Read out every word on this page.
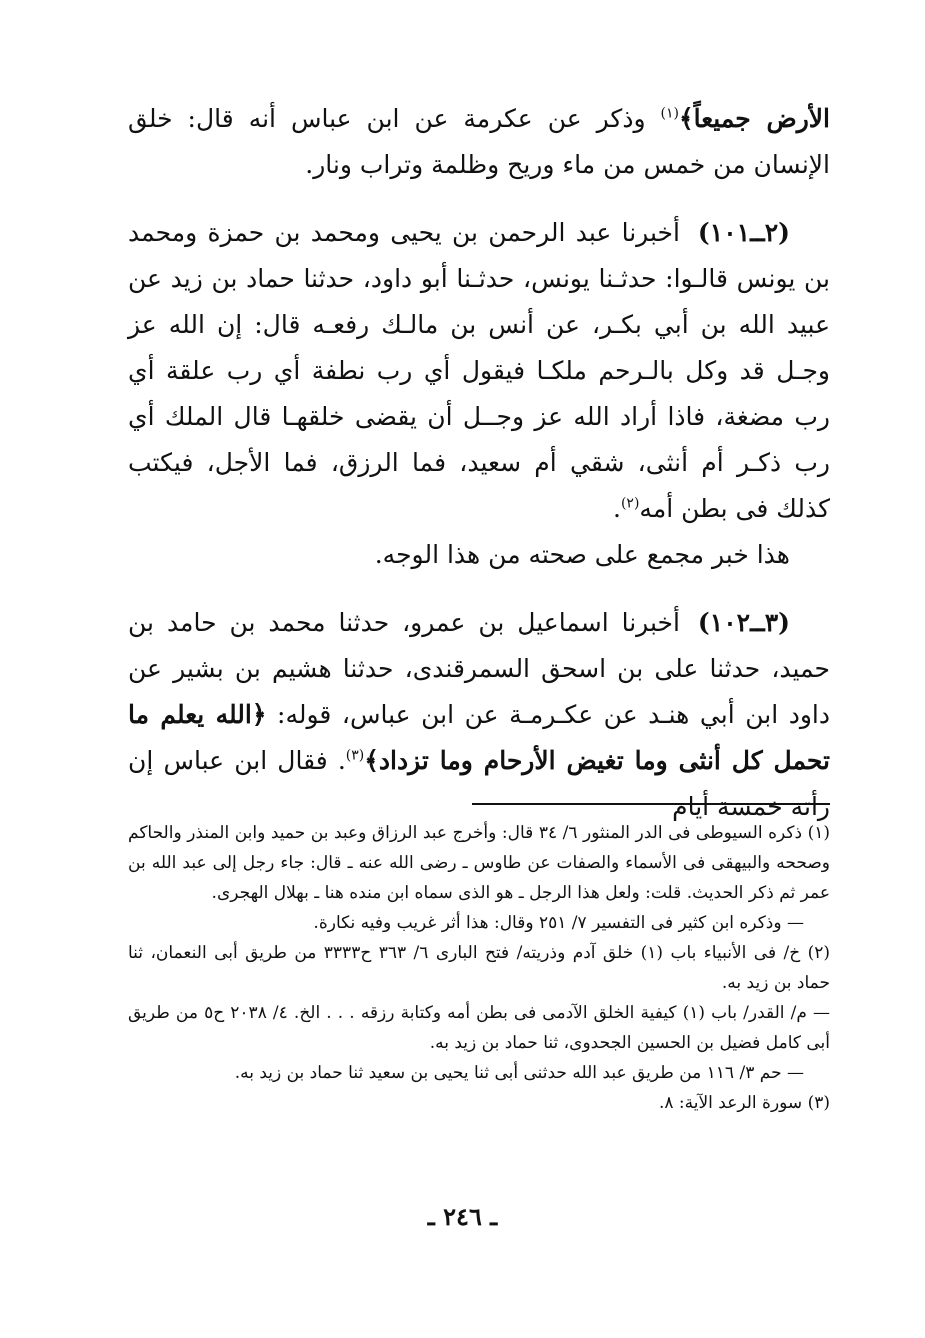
الأرض جميعاً﴾$^{(١)}$ وذكر عن عكرمة عن ابن عباس أنه قال: خلق الإنسان من خمس من ماء وريح وظلمة وتراب ونار.

(٢ــ١٠١)أخبرنا عبد الرحمن بن يحيى ومحمد بن حمزة ومحمد بن يونس قالـوا: حدثـنا يونس، حدثـنا أبو داود، حدثنا حماد بن زيد عن عبيد الله بن أبي بكـر، عن أنس بن مالـك رفعـه قال: إن الله عز وجـل قد وكل بالـرحم ملكـا فيقول أي رب نطفة أي رب علقة أي رب مضغة، فاذا أراد الله عز وجــل أن يقضى خلقهـا قال الملك أي رب ذكـر أم أنثى، شقي أم سعيد، فما الرزق، فما الأجل، فيكتب كذلك فى بطن أمه$^{(٢)}$.

هذا خبر مجمع على صحته من هذا الوجه.

(٣ــ١٠٢)أخبرنا اسماعيل بن عمرو، حدثنا محمد بن حامد بن حميد، حدثنا على بن اسحق السمرقندى، حدثنا هشيم بن بشير عن داود ابن أبي هنـد عن عكـرمـة عن ابن عباس، قوله: ﴿الله يعلم ما تحمل كل أنثى وما تغيض الأرحام وما تزداد﴾$^{(٣)}$. فقال ابن عباس إن رأته خمسة أيام

(١) ذكره السيوطى فى الدر المنثور ٦/ ٣٤ قال: وأخرج عبد الرزاق وعبد بن حميد وابن المنذر والحاكم وصححه والبيهقى فى الأسماء والصفات عن طاوس ـ رضى الله عنه ـ قال: جاء رجل إلى عبد الله بن عمر ثم ذكر الحديث. قلت: ولعل هذا الرجل ـ هو الذى سماه ابن منده هنا ـ بهلال الهجرى.

— وذكره ابن كثير فى التفسير ٧/ ٢٥١ وقال: هذا أثر غريب وفيه نكارة.

(٢) خ/ فى الأنبياء باب (١) خلق آدم وذريته/ فتح البارى ٦/ ٣٦٣ ح٣٣٣٣ من طريق أبى النعمان، ثنا حماد بن زيد به.

— م/ القدر/ باب (١) كيفية الخلق الآدمى فى بطن أمه وكتابة رزقه . . . الخ. ٤/ ٢٠٣٨ ح٥ من طريق أبى كامل فضيل بن الحسين الجحدوى، ثنا حماد بن زيد به.

— حم ٣/ ١١٦ من طريق عبد الله حدثنى أبى ثنا يحيى بن سعيد ثنا حماد بن زيد به.

(٣) سورة الرعد الآية: ٨.

ـ ٢٤٦ ـ
